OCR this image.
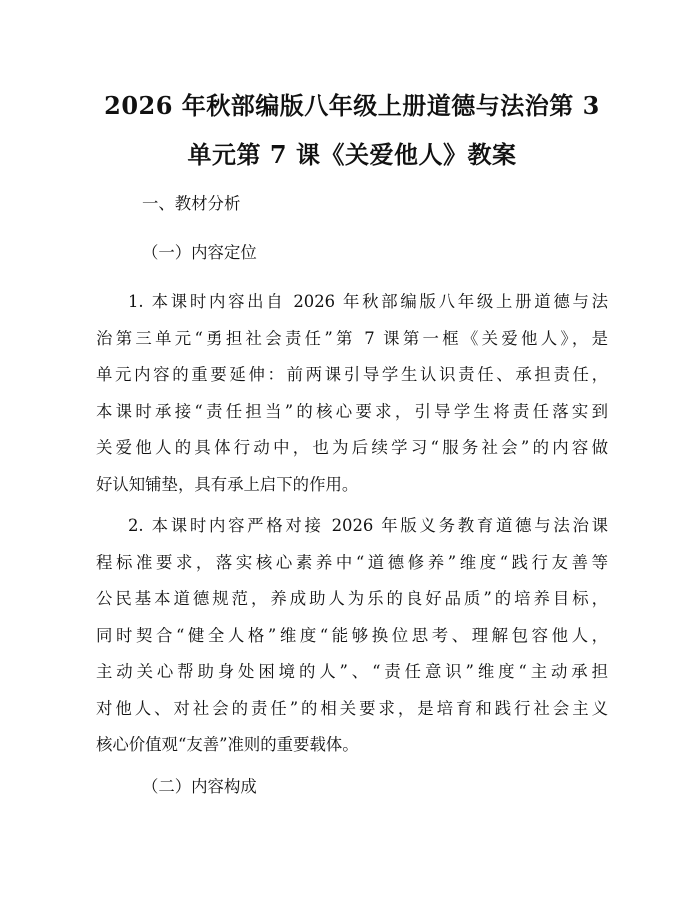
2026 年秋部编版八年级上册道德与法治第 3
单元第 7 课《关爱他人》教案
一、教材分析
（一）内容定位
1. 本课时内容出自 2026 年秋部编版八年级上册道德与法
治第三单元“勇担社会责任”第 7 课第一框《关爱他人》，是
单元内容的重要延伸：前两课引导学生认识责任、承担责任，
本课时承接“责任担当”的核心要求，引导学生将责任落实到
关爱他人的具体行动中，也为后续学习“服务社会”的内容做
好认知铺垫，具有承上启下的作用。
2. 本课时内容严格对接 2026 年版义务教育道德与法治课
程标准要求，落实核心素养中“道德修养”维度“践行友善等
公民基本道德规范，养成助人为乐的良好品质”的培养目标，
同时契合“健全人格”维度“能够换位思考、理解包容他人，
主动关心帮助身处困境的人”、“责任意识”维度“主动承担
对他人、对社会的责任”的相关要求，是培育和践行社会主义
核心价值观“友善”准则的重要载体。
（二）内容构成
